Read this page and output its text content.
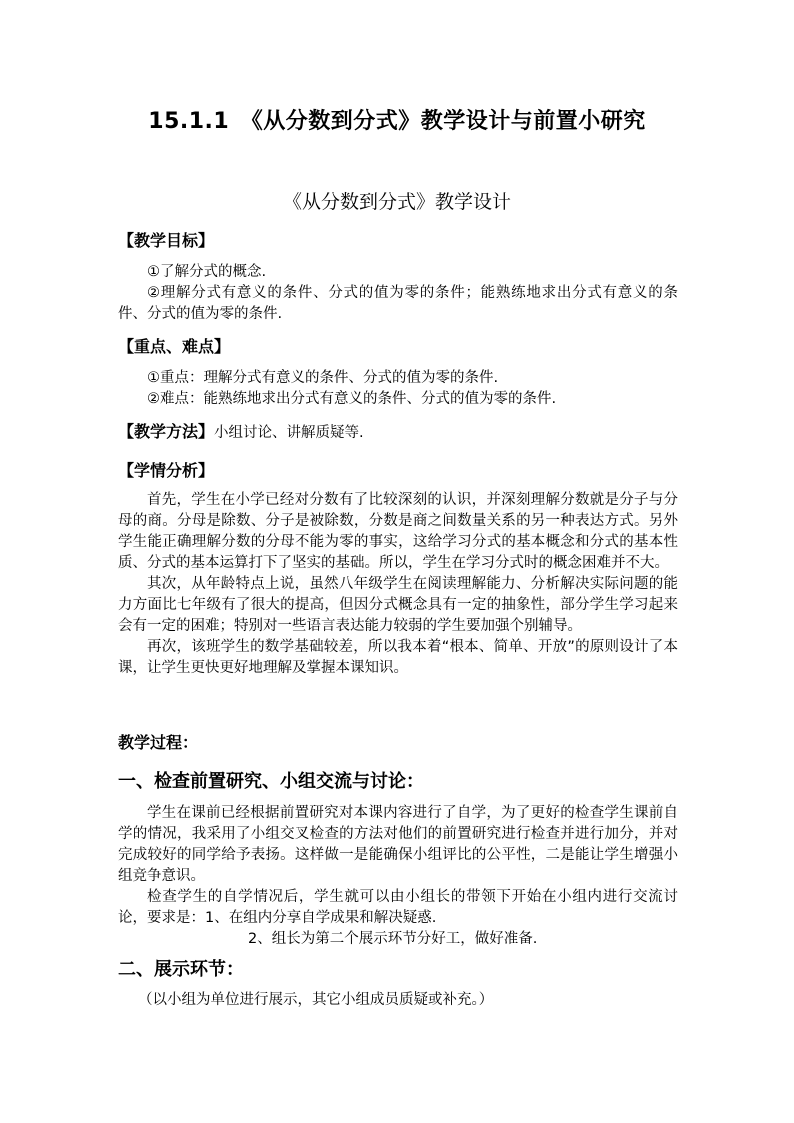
15.1.1　《从分数到分式》教学设计与前置小研究
《从分数到分式》教学设计
【教学目标】
①了解分式的概念.
②理解分式有意义的条件、分式的值为零的条件；能熟练地求出分式有意义的条件、分式的值为零的条件.
【重点、难点】
①重点：理解分式有意义的条件、分式的值为零的条件.
②难点：能熟练地求出分式有意义的条件、分式的值为零的条件.
【教学方法】小组讨论、讲解质疑等.
【学情分析】
首先，学生在小学已经对分数有了比较深刻的认识，并深刻理解分数就是分子与分母的商。分母是除数、分子是被除数，分数是商之间数量关系的另一种表达方式。另外学生能正确理解分数的分母不能为零的事实，这给学习分式的基本概念和分式的基本性质、分式的基本运算打下了坚实的基础。所以，学生在学习分式时的概念困难并不大。
其次，从年龄特点上说，虽然八年级学生在阅读理解能力、分析解决实际问题的能力方面比七年级有了很大的提高，但因分式概念具有一定的抽象性，部分学生学习起来会有一定的困难；特别对一些语言表达能力较弱的学生要加强个别辅导。
再次，该班学生的数学基础较差，所以我本着“根本、简单、开放”的原则设计了本课，让学生更快更好地理解及掌握本课知识。
教学过程：
一、检查前置研究、小组交流与讨论：
学生在课前已经根据前置研究对本课内容进行了自学，为了更好的检查学生课前自学的情况，我采用了小组交叉检查的方法对他们的前置研究进行检查并进行加分，并对完成较好的同学给予表扬。这样做一是能确保小组评比的公平性，二是能让学生增强小组竞争意识。
检查学生的自学情况后，学生就可以由小组长的带领下开始在小组内进行交流讨论，要求是：1、在组内分享自学成果和解决疑惑.
2、组长为第二个展示环节分好工，做好准备.
二、展示环节：
（以小组为单位进行展示，其它小组成员质疑或补充。）
